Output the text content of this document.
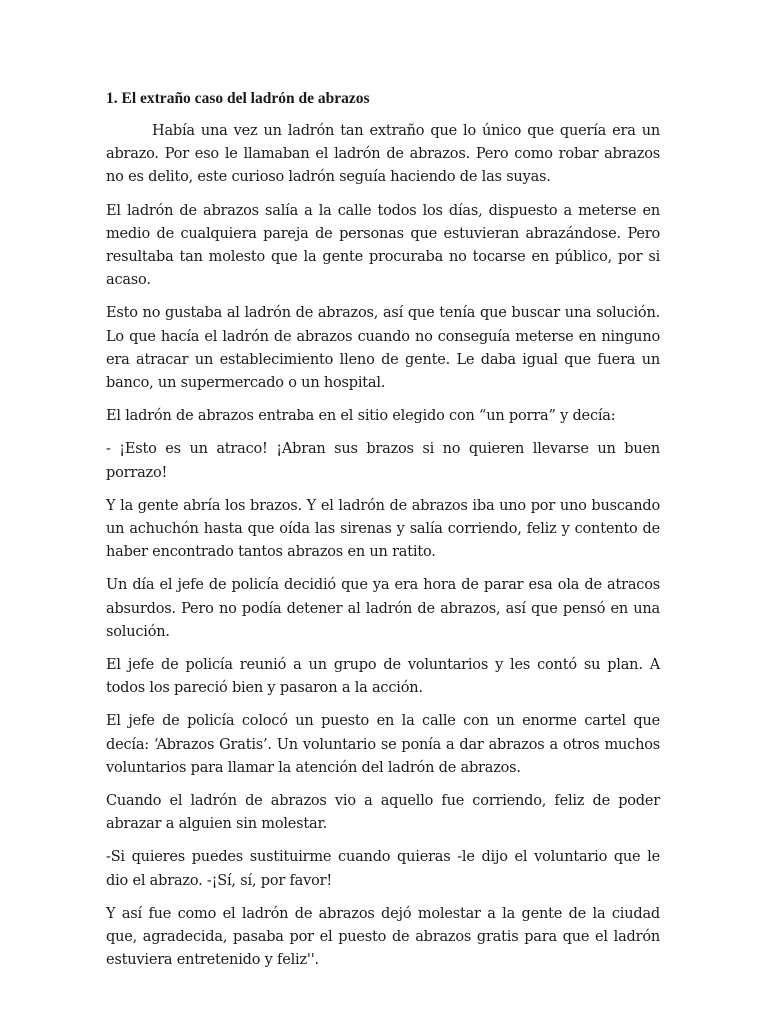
1. El extraño caso del ladrón de abrazos

Había una vez un ladrón tan extraño que lo único que quería era un abrazo. Por eso le llamaban el ladrón de abrazos. Pero como robar abrazos no es delito, este curioso ladrón seguía haciendo de las suyas.

El ladrón de abrazos salía a la calle todos los días, dispuesto a meterse en medio de cualquiera pareja de personas que estuvieran abrazándose. Pero resultaba tan molesto que la gente procuraba no tocarse en público, por si acaso.

Esto no gustaba al ladrón de abrazos, así que tenía que buscar una solución. Lo que hacía el ladrón de abrazos cuando no conseguía meterse en ninguno era atracar un establecimiento lleno de gente. Le daba igual que fuera un banco, un supermercado o un hospital.

El ladrón de abrazos entraba en el sitio elegido con “un porra” y decía:

- ¡Esto es un atraco! ¡Abran sus brazos si no quieren llevarse un buen porrazo!

Y la gente abría los brazos. Y el ladrón de abrazos iba uno por uno buscando un achuchón hasta que oída las sirenas y salía corriendo, feliz y contento de haber encontrado tantos abrazos en un ratito.

Un día el jefe de policía decidió que ya era hora de parar esa ola de atracos absurdos. Pero no podía detener al ladrón de abrazos, así que pensó en una solución.

El jefe de policía reunió a un grupo de voluntarios y les contó su plan. A todos los pareció bien y pasaron a la acción.

El jefe de policía colocó un puesto en la calle con un enorme cartel que decía: ‘Abrazos Gratis’. Un voluntario se ponía a dar abrazos a otros muchos voluntarios para llamar la atención del ladrón de abrazos.

Cuando el ladrón de abrazos vio a aquello fue corriendo, feliz de poder abrazar a alguien sin molestar.

-Si quieres puedes sustituirme cuando quieras -le dijo el voluntario que le dio el abrazo. -¡Sí, sí, por favor!

Y así fue como el ladrón de abrazos dejó molestar a la gente de la ciudad que, agradecida, pasaba por el puesto de abrazos gratis para que el ladrón estuviera entretenido y feliz''.
